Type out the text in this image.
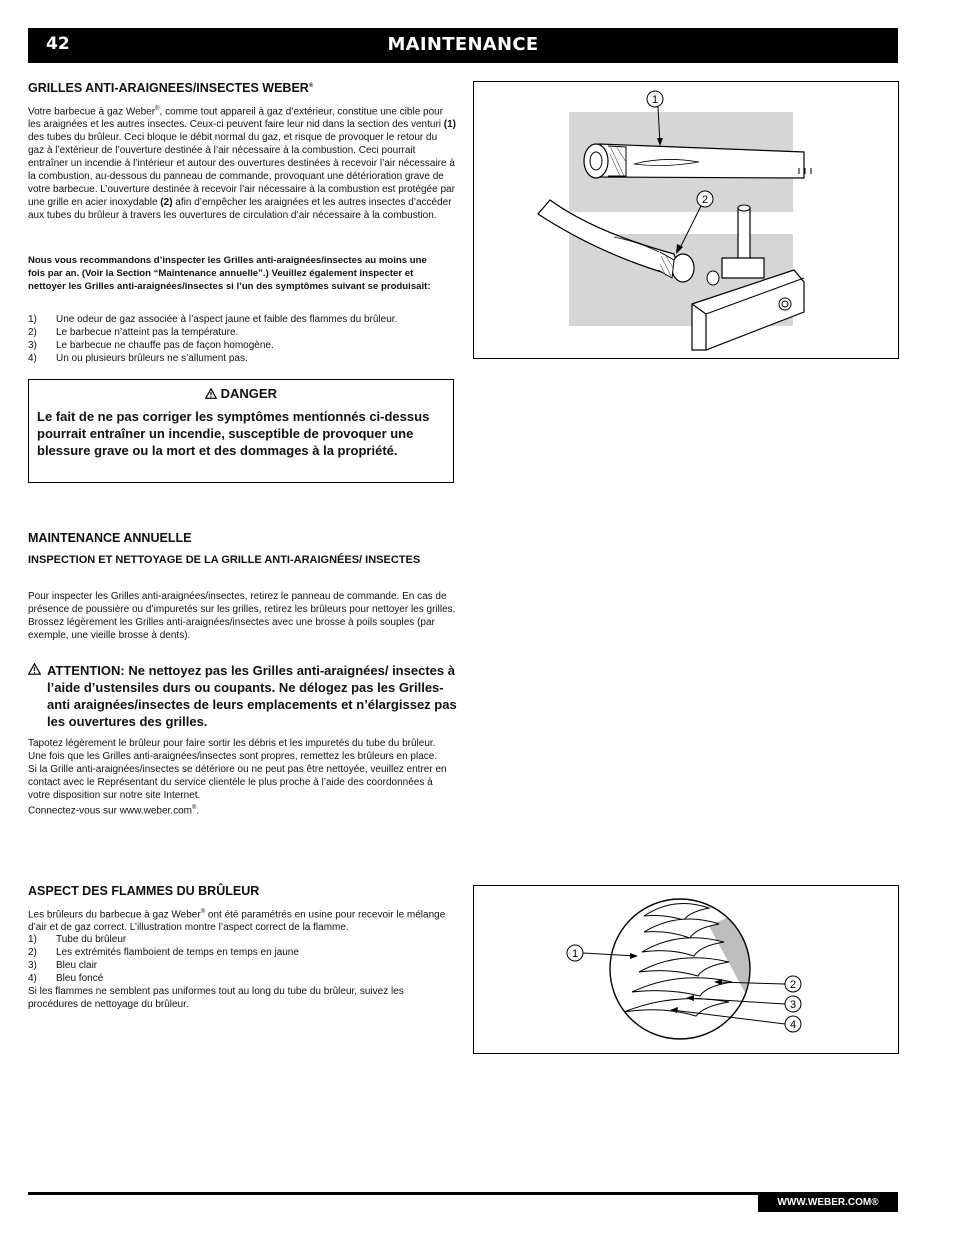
42	MAINTENANCE
GRILLES ANTI-ARAIGNEES/INSECTES WEBER®

Votre barbecue à gaz Weber®, comme tout appareil à gaz d’extérieur, constitue une cible pour les araignées et les autres insectes. Ceux-ci peuvent faire leur nid dans la section des venturi (1) des tubes du brûleur. Ceci bloque le débit normal du gaz, et risque de provoquer le retour du gaz à l’extérieur de l’ouverture destinée à l’air nécessaire à la combustion. Ceci pourrait entraîner un incendie à l’intérieur et autour des ouvertures destinées à recevoir l’air nécessaire à la combustion, au-dessous du panneau de commande, provoquant une détérioration grave de votre barbecue. L’ouverture destinée à recevoir l’air nécessaire à la combustion est protégée par une grille en acier inoxydable (2) afin d’empêcher les araignées et les autres insectes d’accéder aux tubes du brûleur à travers les ouvertures de circulation d’air nécessaire à la combustion.

Nous vous recommandons d’inspecter les Grilles anti-araignées/insectes au moins une fois par an. (Voir la Section “Maintenance annuelle”.) Veuillez également inspecter et nettoyer les Grilles anti-araignées/insectes si l’un des symptômes suivant se produisait:
1) Une odeur de gaz associée à l’aspect jaune et faible des flammes du brûleur.
2) Le barbecue n’atteint pas la température.
3) Le barbecue ne chauffe pas de façon homogène.
4) Un ou plusieurs brûleurs ne s’allument pas.
DANGER
Le fait de ne pas corriger les symptômes mentionnés ci-dessus pourrait entraîner un incendie, susceptible de provoquer une blessure grave ou la mort et des dommages à la propriété.
MAINTENANCE ANNUELLE
INSPECTION ET NETTOYAGE DE LA GRILLE ANTI-ARAIGNÉES/ INSECTES

Pour inspecter les Grilles anti-araignées/insectes, retirez le panneau de commande. En cas de présence de poussière ou d’impuretés sur les grilles, retirez les brûleurs pour nettoyer les grilles.

Brossez légèrement les Grilles anti-araignées/insectes avec une brosse à poils souples (par exemple, une vieille brosse à dents).

ATTENTION: Ne nettoyez pas les Grilles anti-araignées/ insectes à l’aide d’ustensiles durs ou coupants. Ne délogez pas les Grilles-anti araignées/insectes de leurs emplacements et n’élargissez pas les ouvertures des grilles.

Tapotez légèrement le brûleur pour faire sortir les débris et les impuretés du tube du brûleur. Une fois que les Grilles anti-araignées/insectes sont propres, remettez les brûleurs en place.

Si la Grille anti-araignées/insectes se détériore ou ne peut pas être nettoyée, veuillez entrer en contact avec le Représentant du service clientèle le plus proche à l’aide des coordonnées à votre disposition sur notre site Internet.

Connectez-vous sur www.weber.com®.

ASPECT DES FLAMMES DU BRÛLEUR

Les brûleurs du barbecue à gaz Weber® ont été paramétrés en usine pour recevoir le mélange d’air et de gaz correct. L’illustration montre l’aspect correct de la flamme.

1) Tube du brûleur
2) Les extrémités flamboient de temps en temps en jaune
3) Bleu clair
4) Bleu foncé
Si les flammes ne semblent pas uniformes tout au long du tube du brûleur, suivez les procédures de nettoyage du brûleur.
1
2
1
2
3
4
WWW.WEBER.COM®
